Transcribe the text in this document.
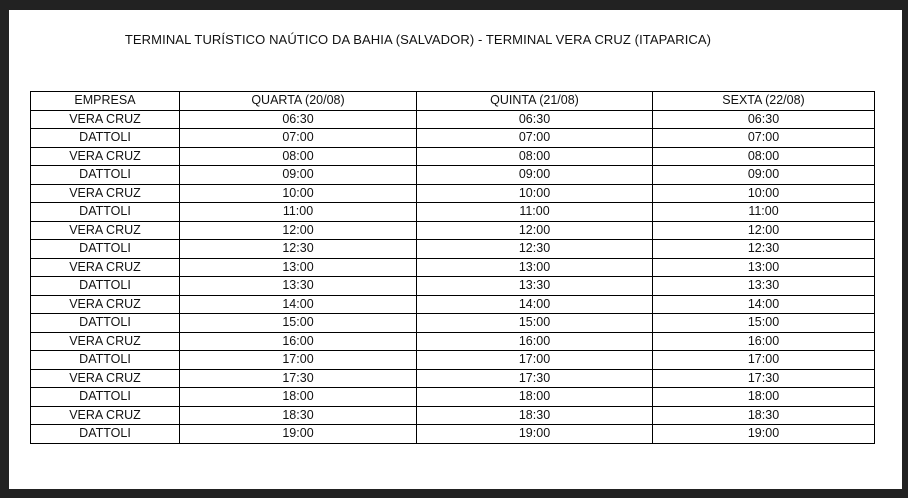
TERMINAL TURÍSTICO NAÚTICO DA BAHIA (SALVADOR) - TERMINAL VERA CRUZ (ITAPARICA)
EMPRESA	QUARTA (20/08)	QUINTA (21/08)	SEXTA (22/08)
VERA CRUZ	06:30	06:30	06:30
DATTOLI	07:00	07:00	07:00
VERA CRUZ	08:00	08:00	08:00
DATTOLI	09:00	09:00	09:00
VERA CRUZ	10:00	10:00	10:00
DATTOLI	11:00	11:00	11:00
VERA CRUZ	12:00	12:00	12:00
DATTOLI	12:30	12:30	12:30
VERA CRUZ	13:00	13:00	13:00
DATTOLI	13:30	13:30	13:30
VERA CRUZ	14:00	14:00	14:00
DATTOLI	15:00	15:00	15:00
VERA CRUZ	16:00	16:00	16:00
DATTOLI	17:00	17:00	17:00
VERA CRUZ	17:30	17:30	17:30
DATTOLI	18:00	18:00	18:00
VERA CRUZ	18:30	18:30	18:30
DATTOLI	19:00	19:00	19:00
